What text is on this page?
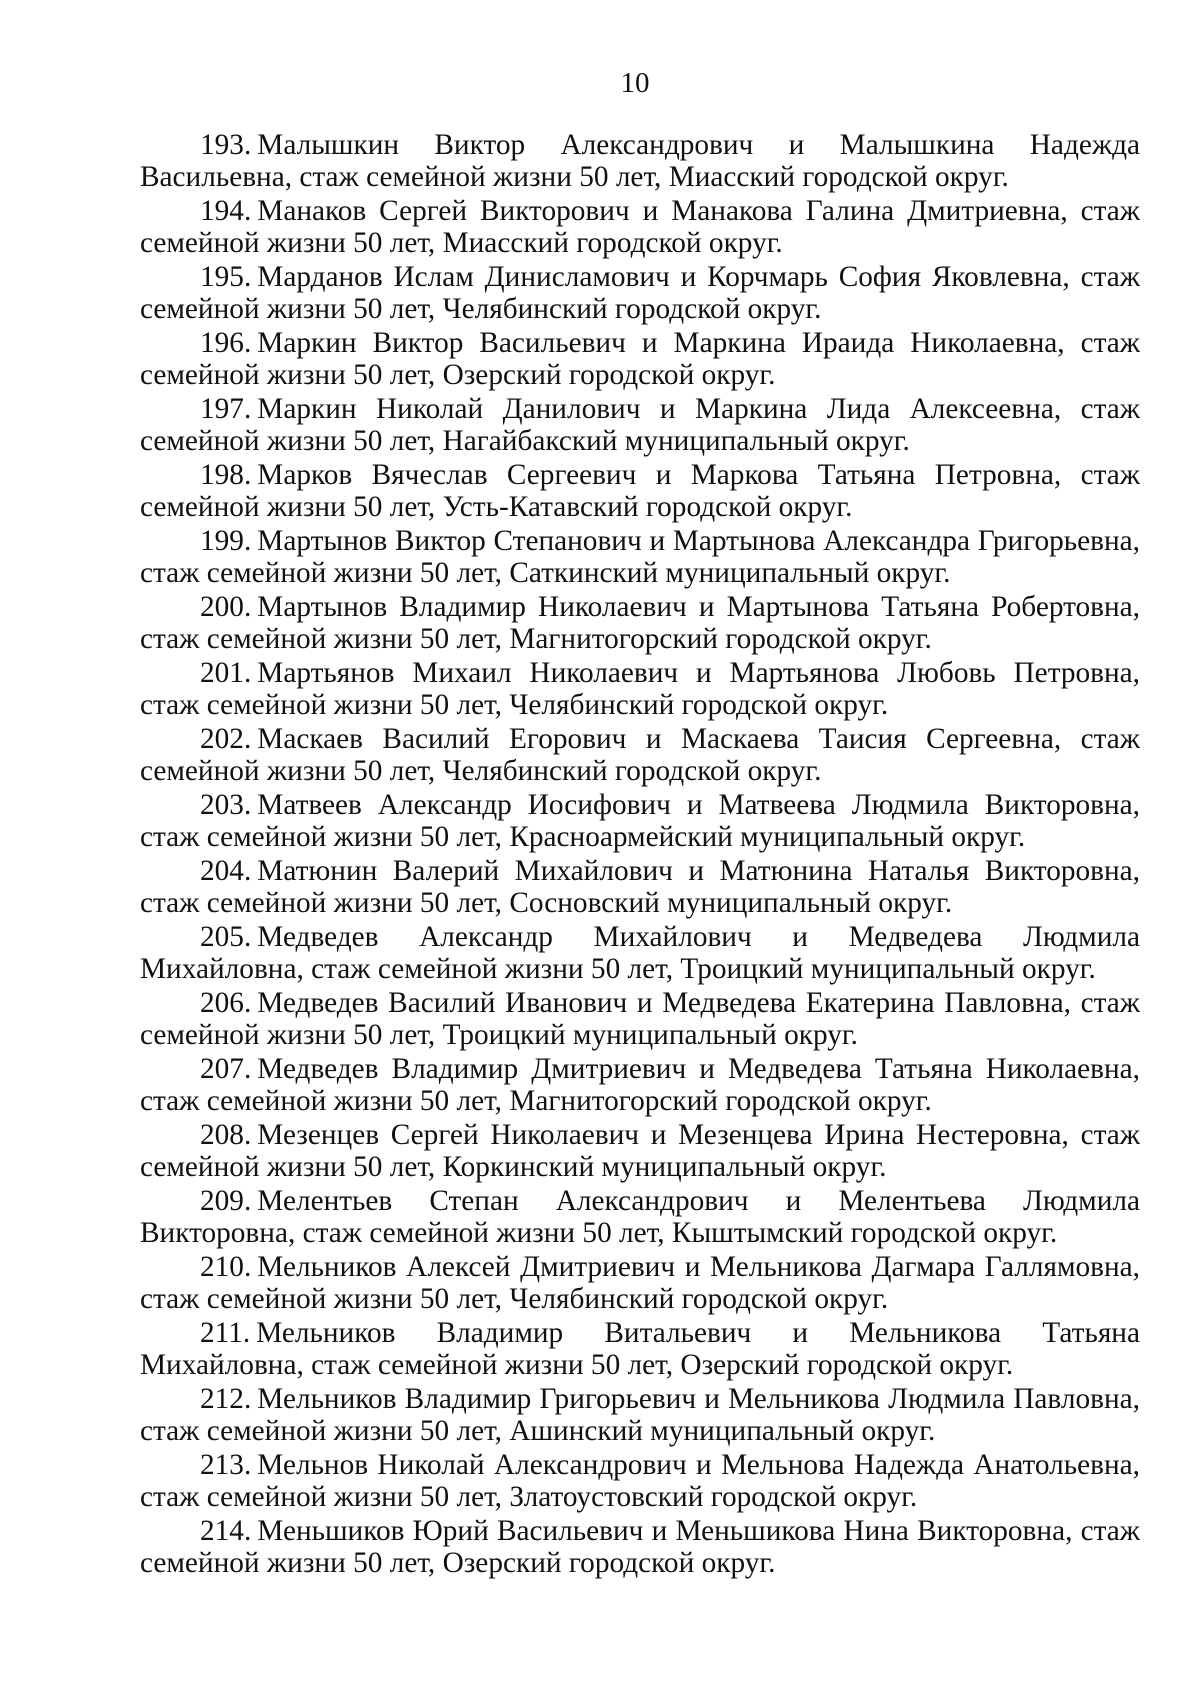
10

193. Малышкин Виктор Александрович и Малышкина Надежда Васильевна, стаж семейной жизни 50 лет, Миасский городской округ.

194. Манаков Сергей Викторович и Манакова Галина Дмитриевна, стаж семейной жизни 50 лет, Миасский городской округ.

195. Марданов Ислам Динисламович и Корчмарь София Яковлевна, стаж семейной жизни 50 лет, Челябинский городской округ.

196. Маркин Виктор Васильевич и Маркина Ираида Николаевна, стаж семейной жизни 50 лет, Озерский городской округ.

197. Маркин Николай Данилович и Маркина Лида Алексеевна, стаж семейной жизни 50 лет, Нагайбакский муниципальный округ.

198. Марков Вячеслав Сергеевич и Маркова Татьяна Петровна, стаж семейной жизни 50 лет, Усть-Катавский городской округ.

199. Мартынов Виктор Степанович и Мартынова Александра Григорьевна, стаж семейной жизни 50 лет, Саткинский муниципальный округ.

200. Мартынов Владимир Николаевич и Мартынова Татьяна Робертовна, стаж семейной жизни 50 лет, Магнитогорский городской округ.

201. Мартьянов Михаил Николаевич и Мартьянова Любовь Петровна, стаж семейной жизни 50 лет, Челябинский городской округ.

202. Маскаев Василий Егорович и Маскаева Таисия Сергеевна, стаж семейной жизни 50 лет, Челябинский городской округ.

203. Матвеев Александр Иосифович и Матвеева Людмила Викторовна, стаж семейной жизни 50 лет, Красноармейский муниципальный округ.

204. Матюнин Валерий Михайлович и Матюнина Наталья Викторовна, стаж семейной жизни 50 лет, Сосновский муниципальный округ.

205. Медведев Александр Михайлович и Медведева Людмила Михайловна, стаж семейной жизни 50 лет, Троицкий муниципальный округ.

206. Медведев Василий Иванович и Медведева Екатерина Павловна, стаж семейной жизни 50 лет, Троицкий муниципальный округ.

207. Медведев Владимир Дмитриевич и Медведева Татьяна Николаевна, стаж семейной жизни 50 лет, Магнитогорский городской округ.

208. Мезенцев Сергей Николаевич и Мезенцева Ирина Нестеровна, стаж семейной жизни 50 лет, Коркинский муниципальный округ.

209. Мелентьев Степан Александрович и Мелентьева Людмила Викторовна, стаж семейной жизни 50 лет, Кыштымский городской округ.

210. Мельников Алексей Дмитриевич и Мельникова Дагмара Галлямовна, стаж семейной жизни 50 лет, Челябинский городской округ.

211. Мельников Владимир Витальевич и Мельникова Татьяна Михайловна, стаж семейной жизни 50 лет, Озерский городской округ.

212. Мельников Владимир Григорьевич и Мельникова Людмила Павловна, стаж семейной жизни 50 лет, Ашинский муниципальный округ.

213. Мельнов Николай Александрович и Мельнова Надежда Анатольевна, стаж семейной жизни 50 лет, Златоустовский городской округ.

214. Меньшиков Юрий Васильевич и Меньшикова Нина Викторовна, стаж семейной жизни 50 лет, Озерский городской округ.
